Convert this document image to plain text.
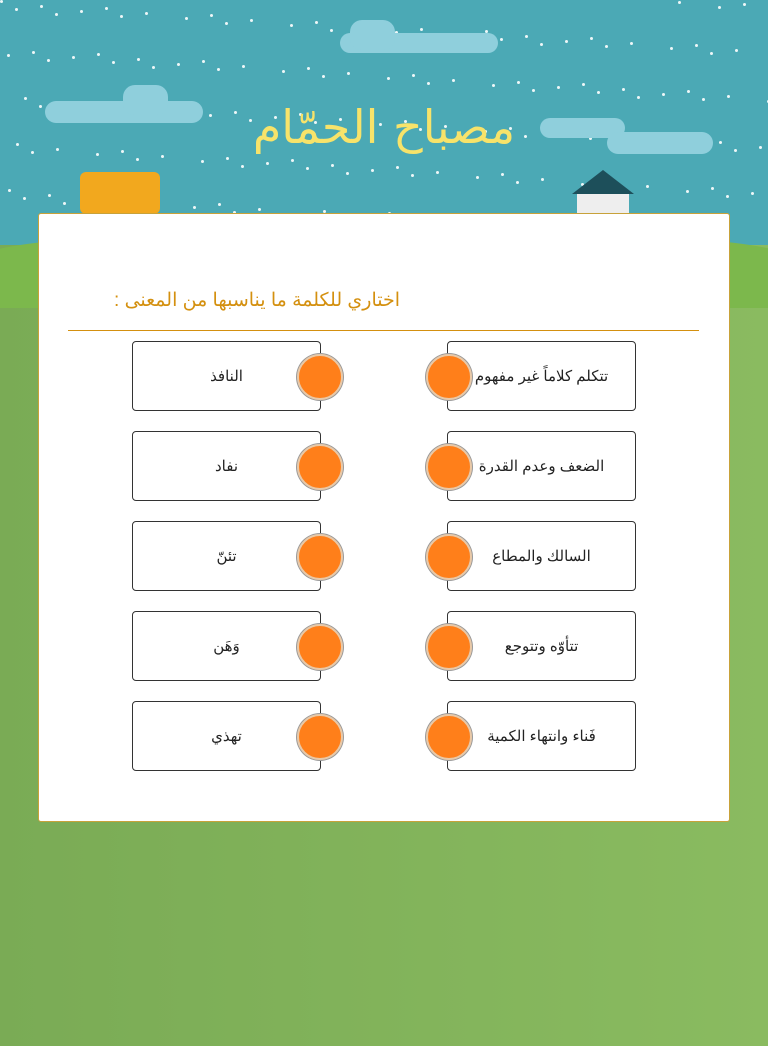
مصباح الحمّام
اختاري للكلمة ما يناسبها من المعنى :
النافذ	تتكلم كلاماً غير مفهوم
نفاد	الضعف وعدم القدرة
تئنّ	السالك والمطاع
وَهَن	تتأوّه وتتوجع
تهذي	فَناء وانتهاء الكمية
